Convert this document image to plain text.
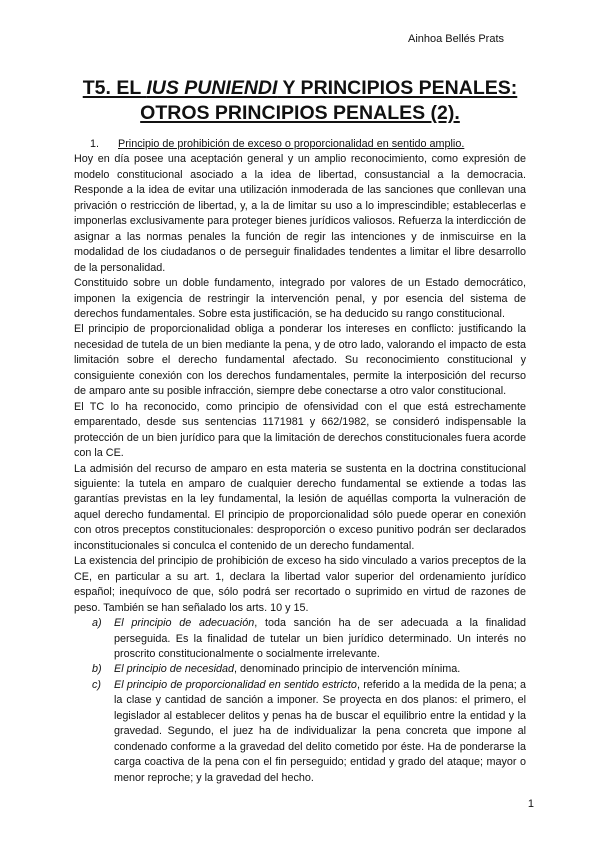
Ainhoa Bellés Prats
T5. EL IUS PUNIENDI Y PRINCIPIOS PENALES:
OTROS PRINCIPIOS PENALES (2).
1.	Principio de prohibición de exceso o proporcionalidad en sentido amplio.

Hoy en día posee una aceptación general y un amplio reconocimiento, como expresión de modelo constitucional asociado a la idea de libertad, consustancial a la democracia. Responde a la idea de evitar una utilización inmoderada de las sanciones que conllevan una privación o restricción de libertad, y, a la de limitar su uso a lo imprescindible; establecerlas e imponerlas exclusivamente para proteger bienes jurídicos valiosos. Refuerza la interdicción de asignar a las normas penales la función de regir las intenciones y de inmiscuirse en la modalidad de los ciudadanos o de perseguir finalidades tendentes a limitar el libre desarrollo de la personalidad.

Constituido sobre un doble fundamento, integrado por valores de un Estado democrático, imponen la exigencia de restringir la intervención penal, y por esencia del sistema de derechos fundamentales. Sobre esta justificación, se ha deducido su rango constitucional.

El principio de proporcionalidad obliga a ponderar los intereses en conflicto: justificando la necesidad de tutela de un bien mediante la pena, y de otro lado, valorando el impacto de esta limitación sobre el derecho fundamental afectado. Su reconocimiento constitucional y consiguiente conexión con los derechos fundamentales, permite la interposición del recurso de amparo ante su posible infracción, siempre debe conectarse a otro valor constitucional.

El TC lo ha reconocido, como principio de ofensividad con el que está estrechamente emparentado, desde sus sentencias 1171981 y 662/1982, se consideró indispensable la protección de un bien jurídico para que la limitación de derechos constitucionales fuera acorde con la CE.

La admisión del recurso de amparo en esta materia se sustenta en la doctrina constitucional siguiente: la tutela en amparo de cualquier derecho fundamental se extiende a todas las garantías previstas en la ley fundamental, la lesión de aquéllas comporta la vulneración de aquel derecho fundamental. El principio de proporcionalidad sólo puede operar en conexión con otros preceptos constitucionales: desproporción o exceso punitivo podrán ser declarados inconstitucionales si conculca el contenido de un derecho fundamental.

La existencia del principio de prohibición de exceso ha sido vinculado a varios preceptos de la CE, en particular a su art. 1, declara la libertad valor superior del ordenamiento jurídico español; inequívoco de que, sólo podrá ser recortado o suprimido en virtud de razones de peso. También se han señalado los arts. 10 y 15.

a) El principio de adecuación, toda sanción ha de ser adecuada a la finalidad perseguida. Es la finalidad de tutelar un bien jurídico determinado. Un interés no proscrito constitucionalmente o socialmente irrelevante.
b) El principio de necesidad, denominado principio de intervención mínima.
c) El principio de proporcionalidad en sentido estricto, referido a la medida de la pena; a la clase y cantidad de sanción a imponer. Se proyecta en dos planos: el primero, el legislador al establecer delitos y penas ha de buscar el equilibrio entre la entidad y la gravedad. Segundo, el juez ha de individualizar la pena concreta que impone al condenado conforme a la gravedad del delito cometido por éste. Ha de ponderarse la carga coactiva de la pena con el fin perseguido; entidad y grado del ataque; mayor o menor reproche; y la gravedad del hecho.
1
